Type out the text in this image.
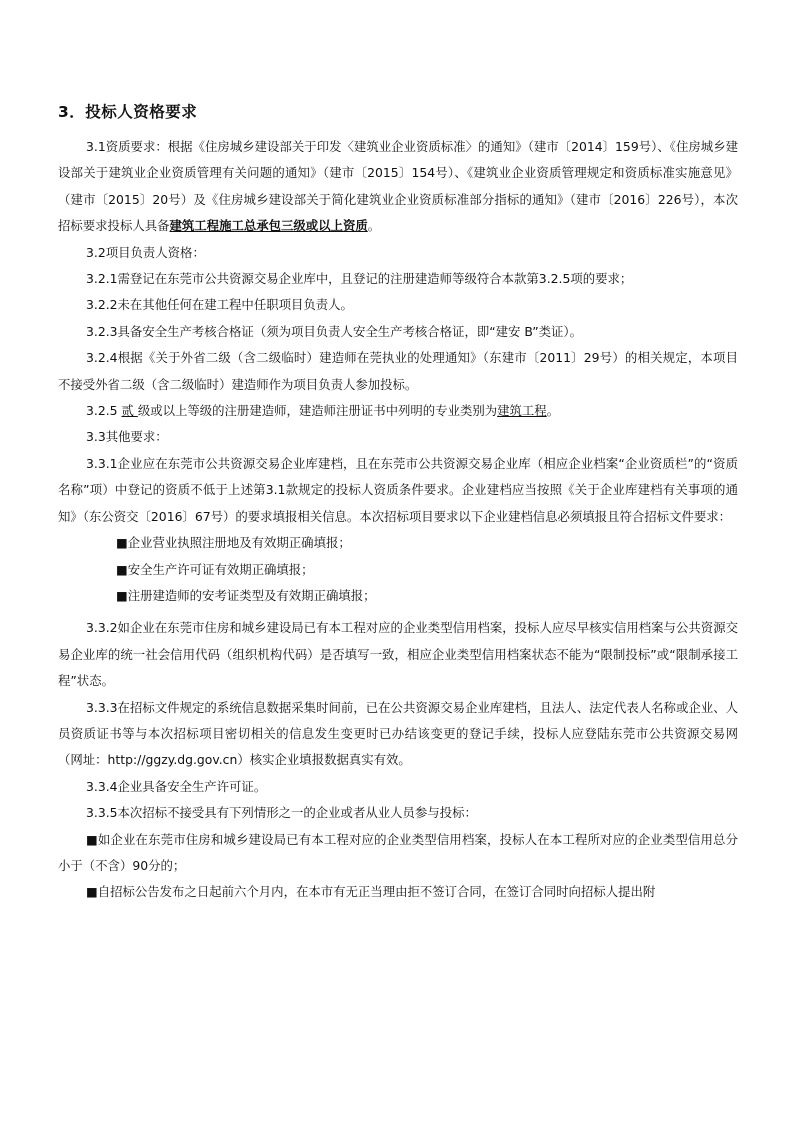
3．投标人资格要求

3.1资质要求：根据《住房城乡建设部关于印发〈建筑业企业资质标准〉的通知》（建市〔2014〕159号）、《住房城乡建设部关于建筑业企业资质管理有关问题的通知》（建市〔2015〕154号）、《建筑业企业资质管理规定和资质标准实施意见》（建市〔2015〕20号）及《住房城乡建设部关于简化建筑业企业资质标准部分指标的通知》（建市〔2016〕226号），本次招标要求投标人具备建筑工程施工总承包三级或以上资质。

3.2项目负责人资格：

3.2.1需登记在东莞市公共资源交易企业库中，且登记的注册建造师等级符合本款第3.2.5项的要求；

3.2.2未在其他任何在建工程中任职项目负责人。

3.2.3具备安全生产考核合格证（须为项目负责人安全生产考核合格证，即“建安 B”类证）。

3.2.4根据《关于外省二级（含二级临时）建造师在莞执业的处理通知》（东建市〔2011〕29号）的相关规定，本项目不接受外省二级（含二级临时）建造师作为项目负责人参加投标。

3.2.5 贰 级或以上等级的注册建造师，建造师注册证书中列明的专业类别为建筑工程。

3.3其他要求：

3.3.1企业应在东莞市公共资源交易企业库建档，且在东莞市公共资源交易企业库（相应企业档案“企业资质栏”的“资质名称”项）中登记的资质不低于上述第3.1款规定的投标人资质条件要求。企业建档应当按照《关于企业库建档有关事项的通知》（东公资交〔2016〕67号）的要求填报相关信息。本次招标项目要求以下企业建档信息必须填报且符合招标文件要求：

■企业营业执照注册地及有效期正确填报；

■安全生产许可证有效期正确填报；

■注册建造师的安考证类型及有效期正确填报；

3.3.2如企业在东莞市住房和城乡建设局已有本工程对应的企业类型信用档案，投标人应尽早核实信用档案与公共资源交易企业库的统一社会信用代码（组织机构代码）是否填写一致，相应企业类型信用档案状态不能为“限制投标”或“限制承接工程”状态。

3.3.3在招标文件规定的系统信息数据采集时间前，已在公共资源交易企业库建档，且法人、法定代表人名称或企业、人员资质证书等与本次招标项目密切相关的信息发生变更时已办结该变更的登记手续，投标人应登陆东莞市公共资源交易网（网址：http://ggzy.dg.gov.cn）核实企业填报数据真实有效。

3.3.4企业具备安全生产许可证。

3.3.5本次招标不接受具有下列情形之一的企业或者从业人员参与投标：

■如企业在东莞市住房和城乡建设局已有本工程对应的企业类型信用档案，投标人在本工程所对应的企业类型信用总分小于（不含）90分的；

■自招标公告发布之日起前六个月内，在本市有无正当理由拒不签订合同，在签订合同时向招标人提出附
